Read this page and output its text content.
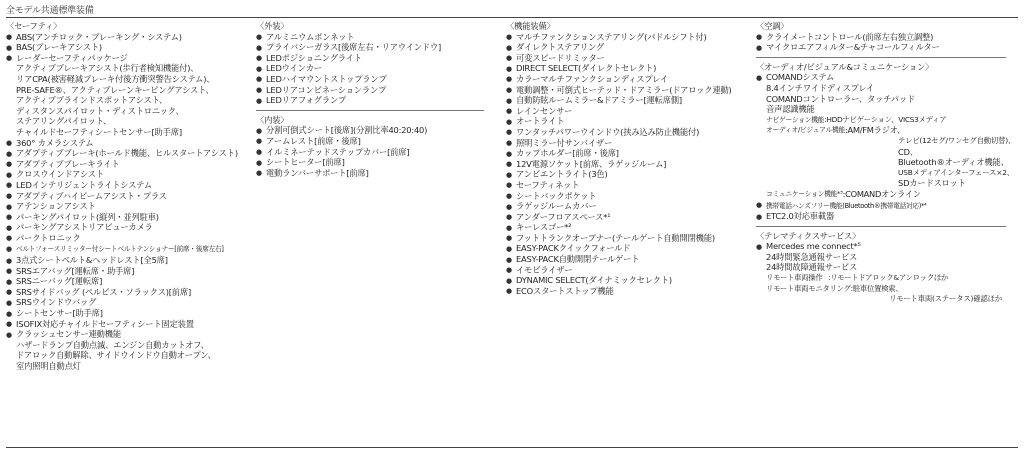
全モデル共通標準装備
〈セーフティ〉
● ABS(アンチロック・ブレーキング・システム)
● BAS(ブレーキアシスト)
● レーダーセーフティパッケージ
アクティブブレーキアシスト(歩行者検知機能付)、
リアCPA(被害軽減ブレーキ付後方衝突警告システム)、
PRE-SAFE®、アクティブレーンキーピングアシスト、
アクティブブラインドスポットアシスト、
ディスタンスパイロット・ディストロニック、
ステアリングパイロット、
チャイルドセーフティシートセンサー[助手席]
● 360° カメラシステム
● アダプティブブレーキ(ホールド機能、ヒルスタートアシスト)
● アダプティブブレーキライト
● クロスウインドアシスト
● LEDインテリジェントライトシステム
● アダプティブハイビームアシスト・プラス
● アテンションアシスト
● パーキングパイロット(縦列・並列駐車)
● パーキングアシストリアビューカメラ
● パークトロニック
● ベルトフォースリミッター付シートベルトテンショナー[前席・後席左右]
● 3点式シートベルト&ヘッドレスト[全5席]
● SRSエアバッグ[運転席・助手席]
● SRSニーバッグ[運転席]
● SRSサイドバッグ (ペルビス・ソラックス)[前席]
● SRSウインドウバッグ
● シートセンサー[助手席]
● ISOFIX対応チャイルドセーフティシート固定装置
● クラッシュセンサー連動機能
ハザードランプ自動点滅、エンジン自動カットオフ、
ドアロック自動解除、サイドウインドウ自動オープン、
室内照明自動点灯
〈外装〉
● アルミニウムボンネット
● プライバシーガラス[後席左右・リアウインドウ]
● LEDポジショニングライト
● LEDウインカー
● LEDハイマウントストップランプ
● LEDリアコンビネーションランプ
● LEDリアフォグランプ
〈内装〉
● 分割可倒式シート[後席](分割比率40:20:40)
● アームレスト[前席・後席]
● イルミネーテッドステップカバー[前席]
● シートヒーター[前席]
● 電動ランバーサポート[前席]
〈機能装備〉
● マルチファンクションステアリング(パドルシフト付)
● ダイレクトステアリング
● 可変スピードリミッター
● DIRECT SELECT(ダイレクトセレクト)
● カラーマルチファンクションディスプレイ
● 電動調整・可倒式ヒーテッド・ドアミラー(ドアロック連動)
● 自動防眩ルームミラー&ドアミラー[運転席側]
● レインセンサー
● オートライト
● ワンタッチパワーウインドウ(挟み込み防止機能付)
● 照明ミラー付サンバイザー
● カップホルダー[前席・後席]
● 12V電源ソケット[前席、ラゲッジルーム]
● アンビエントライト(3色)
● セーフティネット
● シートバックポケット
● ラゲッジルームカバー
● アンダーフロアスペース*¹
● キーレスゴー*²
● フットトランクオープナー(テールゲート自動開閉機能)
● EASY-PACKクイックフォールド
● EASY-PACK自動開閉テールゲート
● イモビライザー
● DYNAMIC SELECT(ダイナミックセレクト)
● ECOスタートストップ機能
〈空調〉
● クライメートコントロール(前席左右独立調整)
● マイクロエアフィルター&チャコールフィルター
〈オーディオ/ビジュアル&コミュニケーション〉
● COMANDシステム
8.4インチワイドディスプレイ
COMANDコントローラー、タッチパッド
音声認識機能
ナビゲーション機能 :HDDナビゲーション、VICS3メディア
オーディオ/ビジュアル機能 :AM/FMラジオ、
テレビ(12セグ/ワンセグ自動切替)、
CD、
Bluetooth®オーディオ機能、
USBメディアインターフェース×2、
SDカードスロット
コミュニケーション機能*³ :COMANDオンライン
● 携帯電話ハンズフリー機能(Bluetooth®携帯電話対応)*⁴
● ETC2.0対応車載器
〈テレマティクスサービス〉
● Mercedes me connect*⁵
24時間緊急通報サービス
24時間故障通報サービス
リモート車両操作 :リモートドアロック&アンロックほか
リモート車両モニタリング :駐車位置検索、
リモート車両(ステータス)確認ほか
